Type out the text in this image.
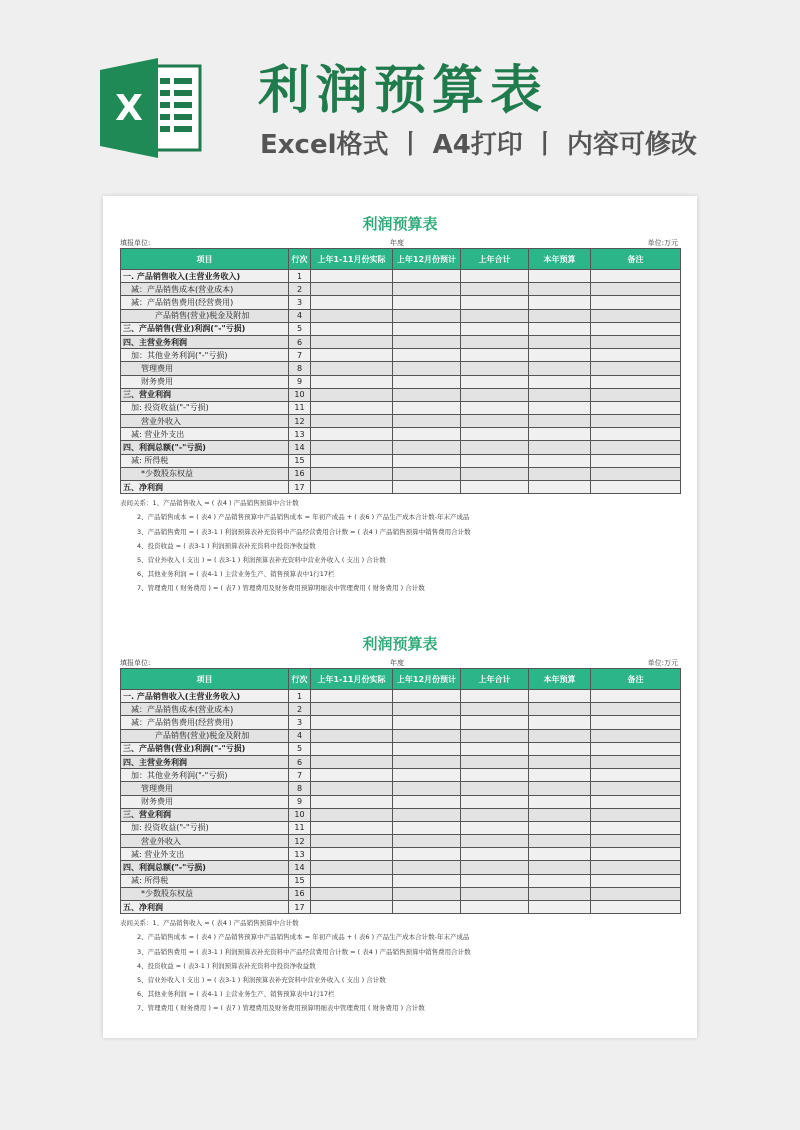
X 利润预算表
Excel格式 丨 A4打印 丨 内容可修改
利润预算表
填报单位:	年度	单位:万元
项目	行次	上年1-11月份实际	上年12月份预计	上年合计	本年预算	备注
一. 产品销售收入(主营业务收入)	1					
减：产品销售成本(营业成本)	2					
减：产品销售费用(经营费用)	3					
产品销售(营业)税金及附加	4					
三、产品销售(营业)利润("-"亏损)	5					
四、主营业务利润	6					
加：其他业务利润("-"亏损)	7					
管理费用	8					
财务费用	9					
三、营业利润	10					
加: 投资收益("-"亏损)	11					
营业外收入	12					
减: 营业外支出	13					
四、利润总额("-"亏损)	14					
减: 所得税	15					
*少数股东权益	16					
五、净利润	17					
表间关系：1、产品销售收入 = ( 表4 ) 产品销售预算中合计数
2、产品销售成本 = ( 表4 ) 产品销售预算中产品销售成本 = 年初产成品 + ( 表6 ) 产品生产成本合计数-年末产成品
3、产品销售费用 = ( 表3-1 ) 利润预算表补充资料中产品经营费用合计数 = ( 表4 ) 产品销售预算中销售费用合计数
4、投资收益 = ( 表3-1 ) 利润预算表补充资料中投资净收益数
5、营业外收入 ( 支出 ) = ( 表3-1 ) 利润预算表补充资料中营业外收入 ( 支出 ) 合计数
6、其他业务利润 = ( 表4-1 ) 主营业务生产、销售预算表中1行17栏
7、管理费用 ( 财务费用 ) = ( 表7 ) 管理费用及财务费用预算明细表中管理费用 ( 财务费用 ) 合计数
利润预算表
填报单位:	年度	单位:万元
项目	行次	上年1-11月份实际	上年12月份预计	上年合计	本年预算	备注
一. 产品销售收入(主营业务收入)	1					
减：产品销售成本(营业成本)	2					
减：产品销售费用(经营费用)	3					
产品销售(营业)税金及附加	4					
三、产品销售(营业)利润("-"亏损)	5					
四、主营业务利润	6					
加：其他业务利润("-"亏损)	7					
管理费用	8					
财务费用	9					
三、营业利润	10					
加: 投资收益("-"亏损)	11					
营业外收入	12					
减: 营业外支出	13					
四、利润总额("-"亏损)	14					
减: 所得税	15					
*少数股东权益	16					
五、净利润	17					
表间关系：1、产品销售收入 = ( 表4 ) 产品销售预算中合计数
2、产品销售成本 = ( 表4 ) 产品销售预算中产品销售成本 = 年初产成品 + ( 表6 ) 产品生产成本合计数-年末产成品
3、产品销售费用 = ( 表3-1 ) 利润预算表补充资料中产品经营费用合计数 = ( 表4 ) 产品销售预算中销售费用合计数
4、投资收益 = ( 表3-1 ) 利润预算表补充资料中投资净收益数
5、营业外收入 ( 支出 ) = ( 表3-1 ) 利润预算表补充资料中营业外收入 ( 支出 ) 合计数
6、其他业务利润 = ( 表4-1 ) 主营业务生产、销售预算表中1行17栏
7、管理费用 ( 财务费用 ) = ( 表7 ) 管理费用及财务费用预算明细表中管理费用 ( 财务费用 ) 合计数
